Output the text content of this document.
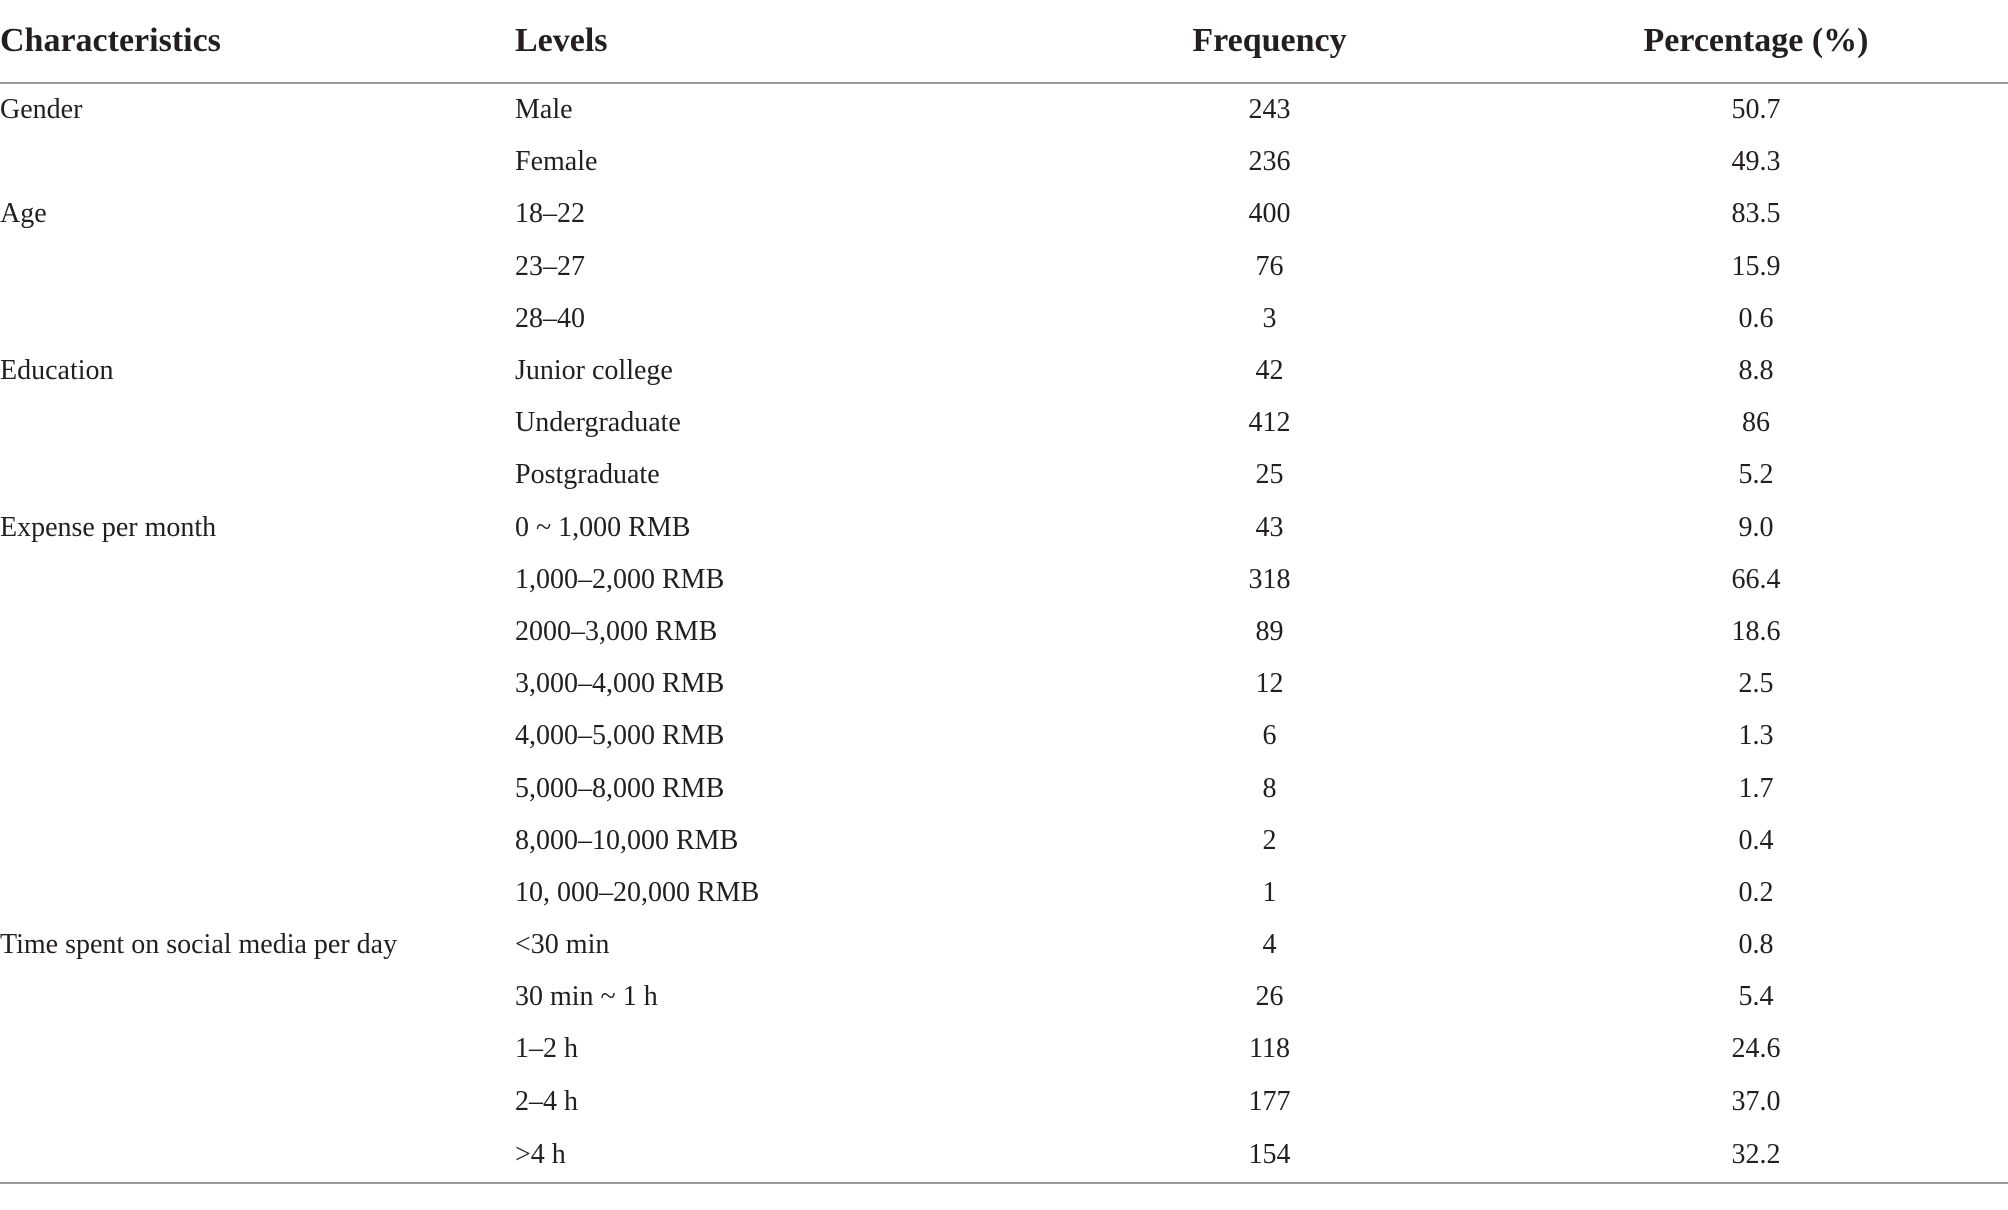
Characteristics	Levels	Frequency	Percentage (%)
Gender	Male	243	50.7
	Female	236	49.3
Age	18–22	400	83.5
	23–27	76	15.9
	28–40	3	0.6
Education	Junior college	42	8.8
	Undergraduate	412	86
	Postgraduate	25	5.2
Expense per month	0 ~ 1,000 RMB	43	9.0
	1,000–2,000 RMB	318	66.4
	2000–3,000 RMB	89	18.6
	3,000–4,000 RMB	12	2.5
	4,000–5,000 RMB	6	1.3
	5,000–8,000 RMB	8	1.7
	8,000–10,000 RMB	2	0.4
	10, 000–20,000 RMB	1	0.2
Time spent on social media per day	<30 min	4	0.8
	30 min ~ 1 h	26	5.4
	1–2 h	118	24.6
	2–4 h	177	37.0
	>4 h	154	32.2
